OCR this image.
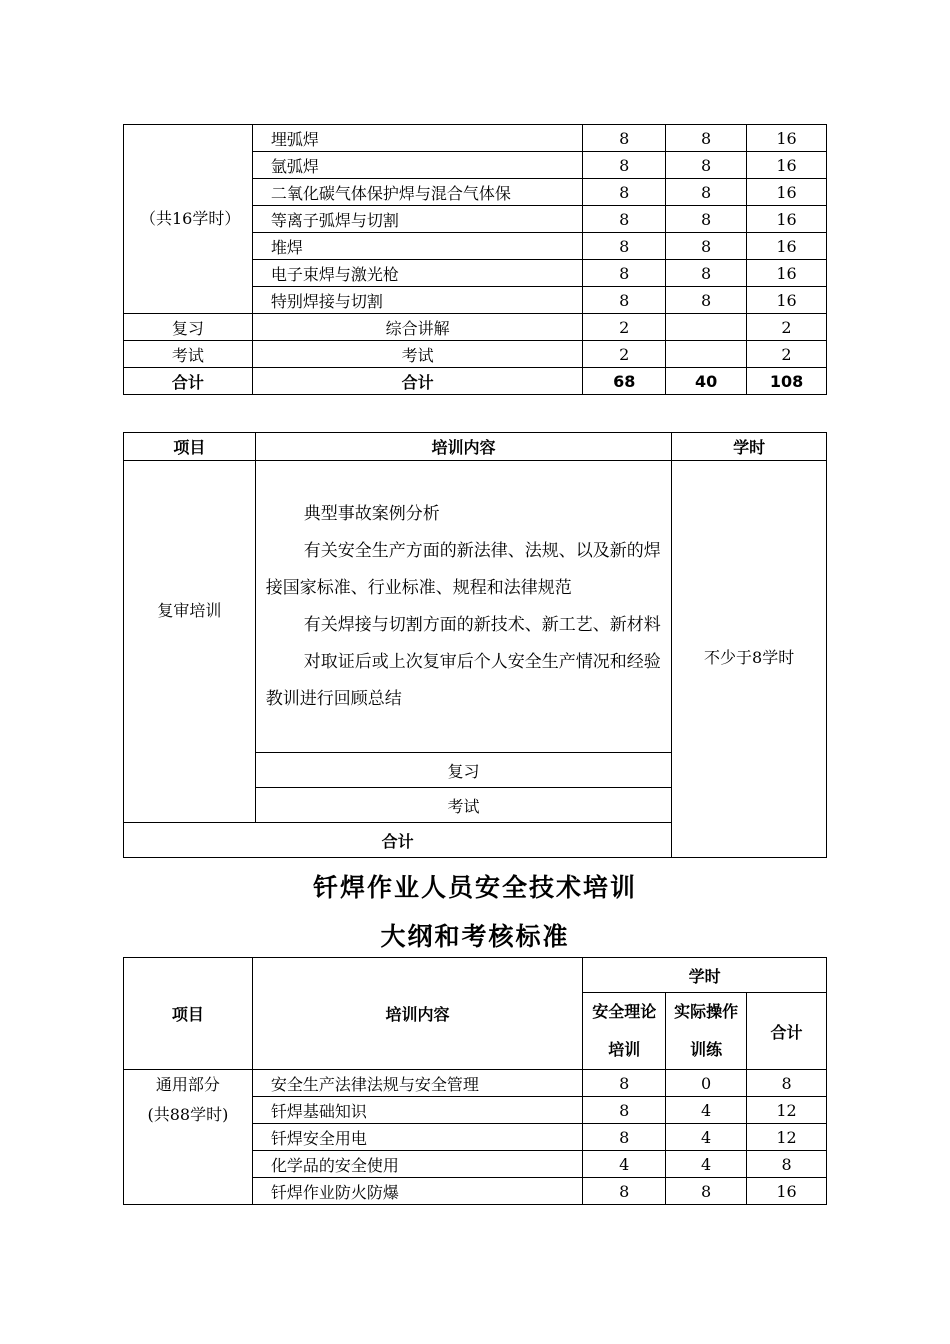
（共16学时）	埋弧焊	8	8	16
	氩弧焊	8	8	16
	二氧化碳气体保护焊与混合气体保	8	8	16
	等离子弧焊与切割	8	8	16
	堆焊	8	8	16
	电子束焊与激光枪	8	8	16
	特别焊接与切割	8	8	16
复习	综合讲解	2		2
考试	考试	2		2
合计	合计	68	40	108
项目	培训内容	学时
复审培训	典型事故案例分析

有关安全生产方面的新法律、法规、以及新的焊接国家标准、行业标准、规程和法律规范

有关焊接与切割方面的新技术、新工艺、新材料

对取证后或上次复审后个人安全生产情况和经验教训进行回顾总结	不少于8学时
	复习	
	考试	
合计		
钎焊作业人员安全技术培训
大纲和考核标准
项目	培训内容	学时		
		安全理论培训	实际操作训练	合计

通用部分
(共88学时)	安全生产法律法规与安全管理	8	0	8
	钎焊基础知识	8	4	12
	钎焊安全用电	8	4	12
	化学品的安全使用	4	4	8
	钎焊作业防火防爆	8	8	16
